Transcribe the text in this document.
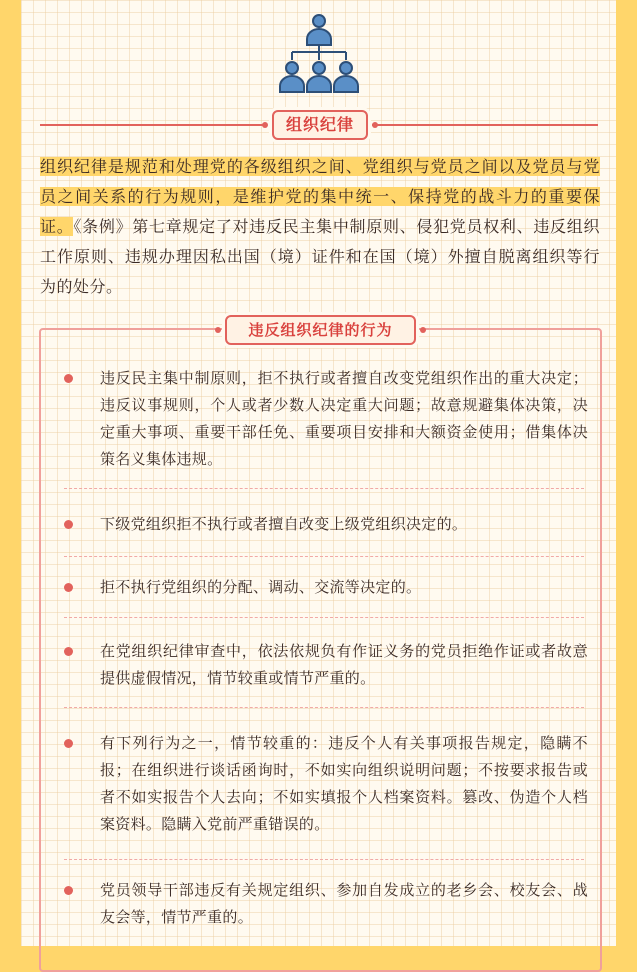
组织纪律
组织纪律是规范和处理党的各级组织之间、党组织与党员之间以及党员与党员之间关系的行为规则，是维护党的集中统一、保持党的战斗力的重要保证。《条例》第七章规定了对违反民主集中制原则、侵犯党员权利、违反组织工作原则、违规办理因私出国（境）证件和在国（境）外擅自脱离组织等行为的处分。
违反组织纪律的行为
违反民主集中制原则，拒不执行或者擅自改变党组织作出的重大决定；违反议事规则，个人或者少数人决定重大问题；故意规避集体决策，决定重大事项、重要干部任免、重要项目安排和大额资金使用；借集体决策名义集体违规。
下级党组织拒不执行或者擅自改变上级党组织决定的。
拒不执行党组织的分配、调动、交流等决定的。
在党组织纪律审查中，依法依规负有作证义务的党员拒绝作证或者故意提供虚假情况，情节较重或情节严重的。
有下列行为之一，情节较重的：违反个人有关事项报告规定，隐瞒不报；在组织进行谈话函询时，不如实向组织说明问题；不按要求报告或者不如实报告个人去向；不如实填报个人档案资料。篡改、伪造个人档案资料。隐瞒入党前严重错误的。
党员领导干部违反有关规定组织、参加自发成立的老乡会、校友会、战友会等，情节严重的。
